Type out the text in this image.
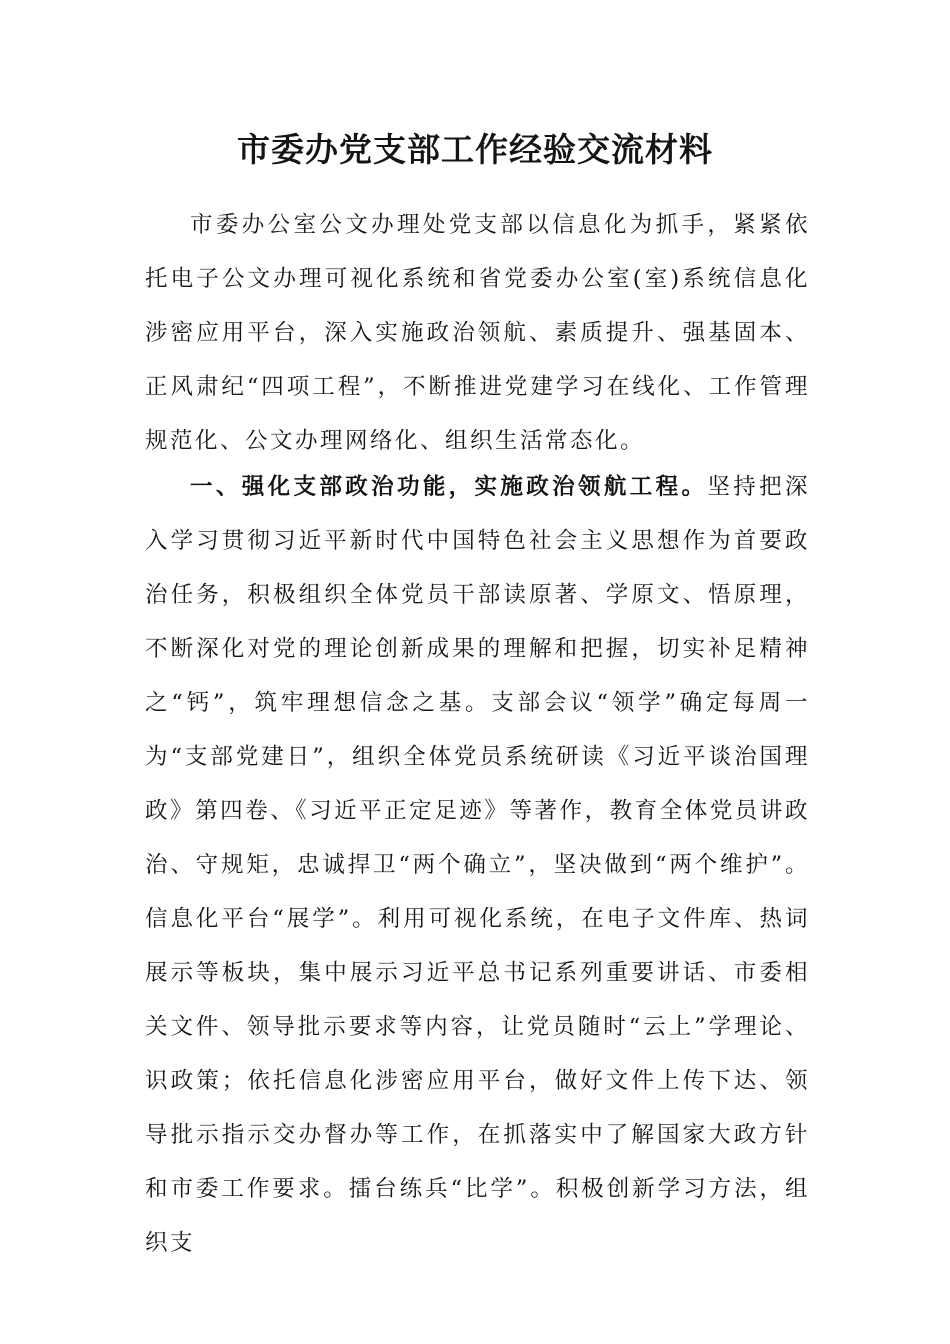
市委办党支部工作经验交流材料

市委办公室公文办理处党支部以信息化为抓手，紧紧依托电子公文办理可视化系统和省党委办公室(室)系统信息化涉密应用平台，深入实施政治领航、素质提升、强基固本、正风肃纪“四项工程”，不断推进党建学习在线化、工作管理规范化、公文办理网络化、组织生活常态化。

一、强化支部政治功能，实施政治领航工程。坚持把深入学习贯彻习近平新时代中国特色社会主义思想作为首要政治任务，积极组织全体党员干部读原著、学原文、悟原理，不断深化对党的理论创新成果的理解和把握，切实补足精神之“钙”，筑牢理想信念之基。支部会议“领学”确定每周一为“支部党建日”，组织全体党员系统研读《习近平谈治国理政》第四卷、《习近平正定足迹》等著作，教育全体党员讲政治、守规矩，忠诚捍卫“两个确立”，坚决做到“两个维护”。信息化平台“展学”。利用可视化系统，在电子文件库、热词展示等板块，集中展示习近平总书记系列重要讲话、市委相关文件、领导批示要求等内容，让党员随时“云上”学理论、识政策；依托信息化涉密应用平台，做好文件上传下达、领导批示指示交办督办等工作，在抓落实中了解国家大政方针和市委工作要求。擂台练兵“比学”。积极创新学习方法，组织支
